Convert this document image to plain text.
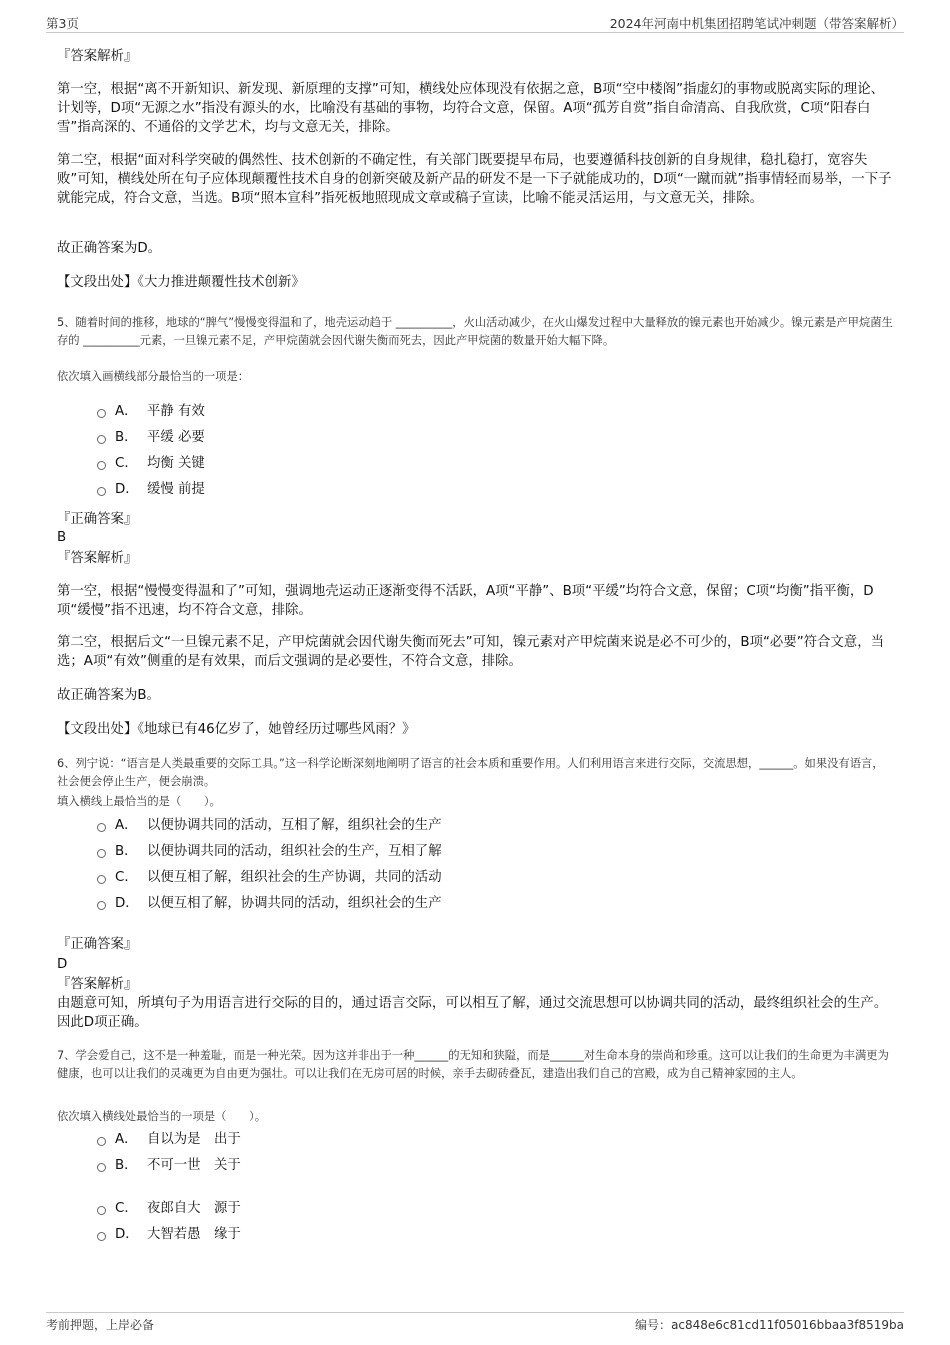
第3页	2024年河南中机集团招聘笔试冲刺题（带答案解析）

『答案解析』

第一空，根据“离不开新知识、新发现、新原理的支撑”可知，横线处应体现没有依据之意，B项“空中楼阁”指虚幻的事物或脱离实际的理论、计划等，D项“无源之水”指没有源头的水，比喻没有基础的事物，均符合文意，保留。A项“孤芳自赏”指自命清高、自我欣赏，C项“阳春白雪”指高深的、不通俗的文学艺术，均与文意无关，排除。

第二空，根据“面对科学突破的偶然性、技术创新的不确定性，有关部门既要提早布局，也要遵循科技创新的自身规律，稳扎稳打，宽容失败”可知，横线处所在句子应体现颠覆性技术自身的创新突破及新产品的研发不是一下子就能成功的，D项“一蹴而就”指事情轻而易举，一下子就能完成，符合文意，当选。B项“照本宣科”指死板地照现成文章或稿子宣读，比喻不能灵活运用，与文意无关，排除。

故正确答案为D。

【文段出处】《大力推进颠覆性技术创新》

5、随着时间的推移，地球的“脾气”慢慢变得温和了，地壳运动趋于 __________，火山活动减少，在火山爆发过程中大量释放的镍元素也开始减少。镍元素是产甲烷菌生存的 __________元素，一旦镍元素不足，产甲烷菌就会因代谢失衡而死去，因此产甲烷菌的数量开始大幅下降。

依次填入画横线部分最恰当的一项是：

A． 平静 有效
B． 平缓 必要
C． 均衡 关键
D． 缓慢 前提

『正确答案』

B

『答案解析』

第一空，根据“慢慢变得温和了”可知，强调地壳运动正逐渐变得不活跃，A项“平静”、B项“平缓”均符合文意，保留；C项“均衡”指平衡，D项“缓慢”指不迅速，均不符合文意，排除。

第二空，根据后文“一旦镍元素不足，产甲烷菌就会因代谢失衡而死去”可知，镍元素对产甲烷菌来说是必不可少的，B项“必要”符合文意，当选；A项“有效”侧重的是有效果，而后文强调的是必要性，不符合文意，排除。

故正确答案为B。

【文段出处】《地球已有46亿岁了，她曾经历过哪些风雨？》

6、列宁说：“语言是人类最重要的交际工具。”这一科学论断深刻地阐明了语言的社会本质和重要作用。人们利用语言来进行交际，交流思想，______。如果没有语言，社会便会停止生产，便会崩溃。

填入横线上最恰当的是（　　）。

A． 以便协调共同的活动，互相了解，组织社会的生产
B． 以便协调共同的活动，组织社会的生产，互相了解
C． 以便互相了解，组织社会的生产协调，共同的活动
D． 以便互相了解，协调共同的活动，组织社会的生产

『正确答案』

D

『答案解析』

由题意可知，所填句子为用语言进行交际的目的，通过语言交际，可以相互了解，通过交流思想可以协调共同的活动，最终组织社会的生产。因此D项正确。

7、学会爱自己，这不是一种羞耻，而是一种光荣。因为这并非出于一种______的无知和狭隘，而是______对生命本身的崇尚和珍重。这可以让我们的生命更为丰满更为健康，也可以让我们的灵魂更为自由更为强壮。可以让我们在无房可居的时候，亲手去砌砖叠瓦，建造出我们自己的宫殿，成为自己精神家园的主人。

依次填入横线处最恰当的一项是（　　）。

A． 自以为是　出于
B． 不可一世　关于
C． 夜郎自大　源于
D． 大智若愚　缘于
考前押题，上岸必备	编号：ac848e6c81cd11f05016bbaa3f8519ba
